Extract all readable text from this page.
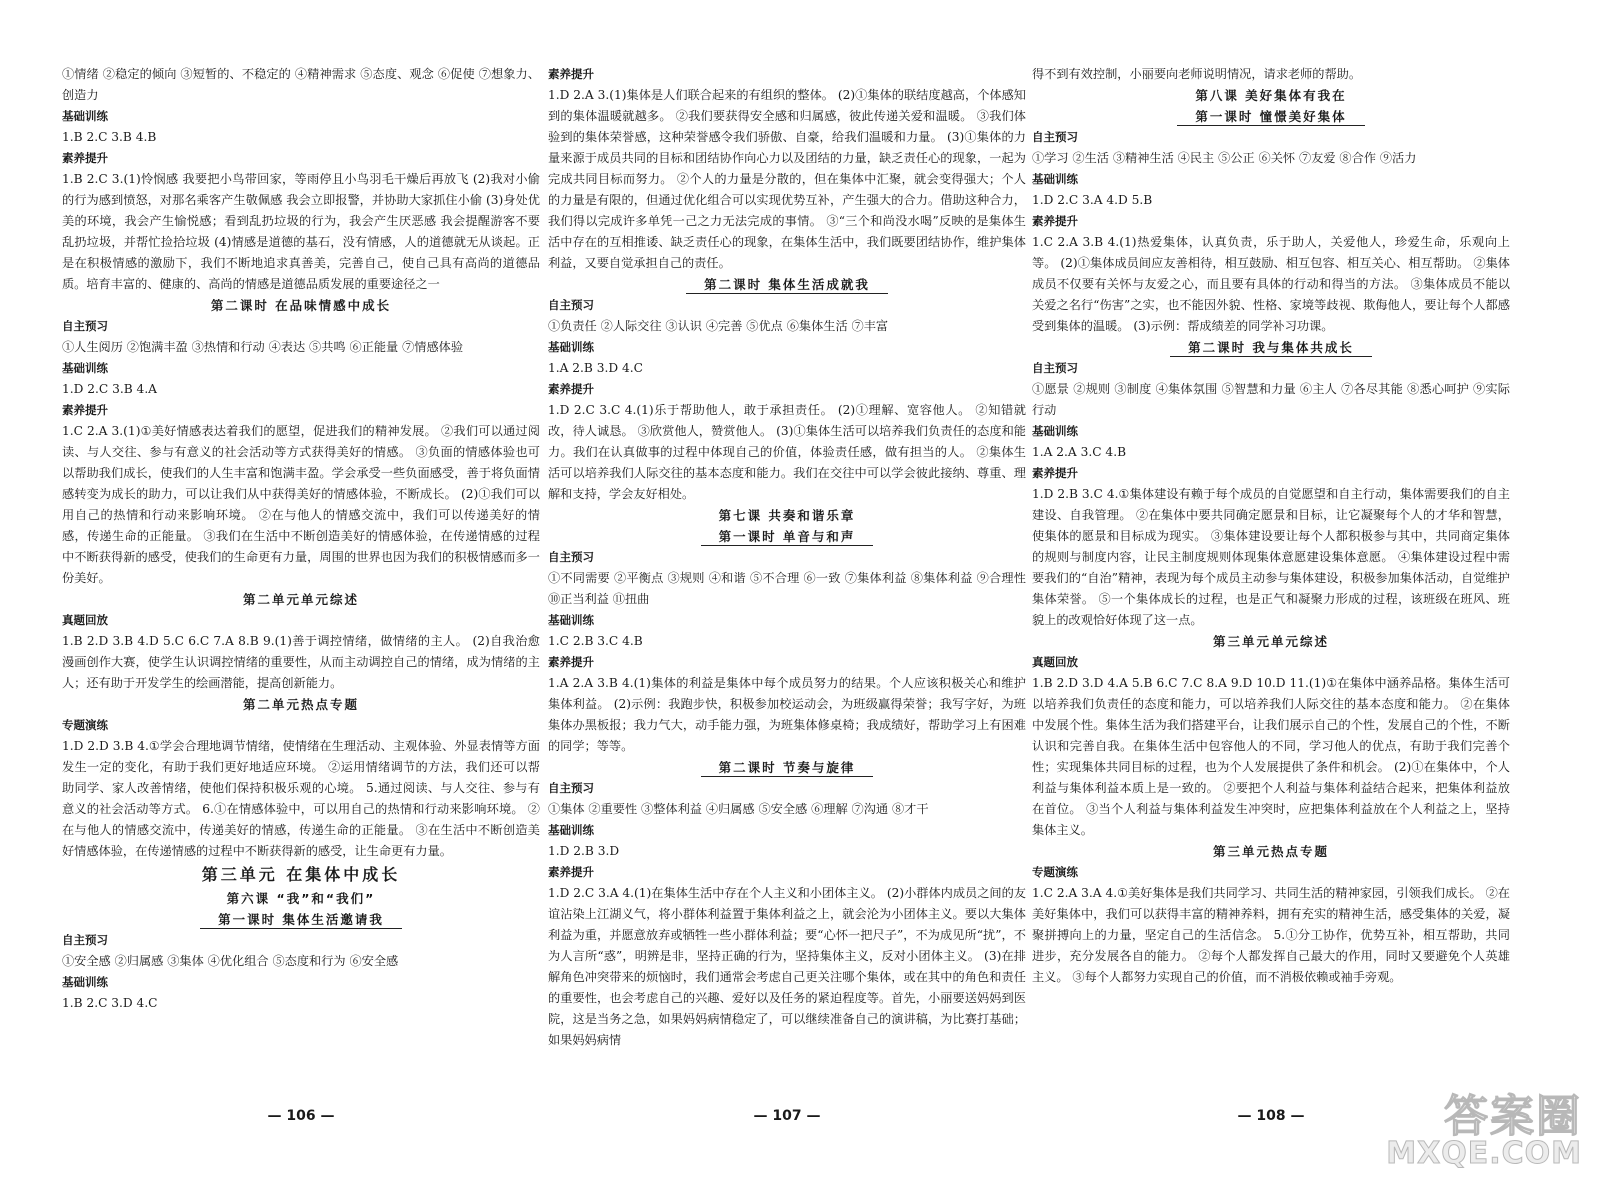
①情绪 ②稳定的倾向 ③短暂的、不稳定的 ④精神需求 ⑤态度、观念 ⑥促使 ⑦想象力、创造力
基础训练
1.B 2.C 3.B 4.B
素养提升
1.B 2.C 3.(1)怜悯感 我要把小鸟带回家，等雨停且小鸟羽毛干燥后再放飞 (2)我对小偷的行为感到愤怒，对那名乘客产生敬佩感 我会立即报警，并协助大家抓住小偷 (3)身处优美的环境，我会产生愉悦感；看到乱扔垃圾的行为，我会产生厌恶感 我会提醒游客不要乱扔垃圾，并帮忙捡拾垃圾 (4)情感是道德的基石，没有情感，人的道德就无从谈起。正是在积极情感的激励下，我们不断地追求真善美，完善自己，使自己具有高尚的道德品质。培育丰富的、健康的、高尚的情感是道德品质发展的重要途径之一
第二课时 在品味情感中成长
自主预习
①人生阅历 ②饱满丰盈 ③热情和行动 ④表达 ⑤共鸣 ⑥正能量 ⑦情感体验
基础训练
1.D 2.C 3.B 4.A
素养提升
1.C 2.A 3.(1)①美好情感表达着我们的愿望，促进我们的精神发展。 ②我们可以通过阅读、与人交往、参与有意义的社会活动等方式获得美好的情感。 ③负面的情感体验也可以帮助我们成长，使我们的人生丰富和饱满丰盈。学会承受一些负面感受，善于将负面情感转变为成长的助力，可以让我们从中获得美好的情感体验，不断成长。 (2)①我们可以用自己的热情和行动来影响环境。 ②在与他人的情感交流中，我们可以传递美好的情感，传递生命的正能量。 ③我们在生活中不断创造美好的情感体验，在传递情感的过程中不断获得新的感受，使我们的生命更有力量，周围的世界也因为我们的积极情感而多一份美好。
第二单元单元综述
真题回放
1.B 2.D 3.B 4.D 5.C 6.C 7.A 8.B 9.(1)善于调控情绪，做情绪的主人。 (2)自我治愈漫画创作大赛，使学生认识调控情绪的重要性，从而主动调控自己的情绪，成为情绪的主人；还有助于开发学生的绘画潜能，提高创新能力。
第二单元热点专题
专题演练
1.D 2.D 3.B 4.①学会合理地调节情绪，使情绪在生理活动、主观体验、外显表情等方面发生一定的变化，有助于我们更好地适应环境。 ②运用情绪调节的方法，我们还可以帮助同学、家人改善情绪，使他们保持积极乐观的心境。 5.通过阅读、与人交往、参与有意义的社会活动等方式。 6.①在情感体验中，可以用自己的热情和行动来影响环境。 ②在与他人的情感交流中，传递美好的情感，传递生命的正能量。 ③在生活中不断创造美好情感体验，在传递情感的过程中不断获得新的感受，让生命更有力量。
第三单元 在集体中成长
第六课 “我”和“我们”
第一课时 集体生活邀请我
自主预习
①安全感 ②归属感 ③集体 ④优化组合 ⑤态度和行为 ⑥安全感
基础训练
1.B 2.C 3.D 4.C
— 106 —
素养提升
1.D 2.A 3.(1)集体是人们联合起来的有组织的整体。 (2)①集体的联结度越高，个体感知到的集体温暖就越多。 ②我们要获得安全感和归属感，彼此传递关爱和温暖。 ③我们体验到的集体荣誉感，这种荣誉感令我们骄傲、自豪，给我们温暖和力量。 (3)①集体的力量来源于成员共同的目标和团结协作向心力以及团结的力量，缺乏责任心的现象，一起为完成共同目标而努力。 ②个人的力量是分散的，但在集体中汇聚，就会变得强大；个人的力量是有限的，但通过优化组合可以实现优势互补，产生强大的合力。借助这种合力，我们得以完成许多单凭一己之力无法完成的事情。 ③“三个和尚没水喝”反映的是集体生活中存在的互相推诿、缺乏责任心的现象，在集体生活中，我们既要团结协作，维护集体利益，又要自觉承担自己的责任。
第二课时 集体生活成就我
自主预习
①负责任 ②人际交往 ③认识 ④完善 ⑤优点 ⑥集体生活 ⑦丰富
基础训练
1.A 2.B 3.D 4.C
素养提升
1.D 2.C 3.C 4.(1)乐于帮助他人，敢于承担责任。 (2)①理解、宽容他人。 ②知错就改，待人诚恳。 ③欣赏他人，赞赏他人。 (3)①集体生活可以培养我们负责任的态度和能力。我们在认真做事的过程中体现自己的价值，体验责任感，做有担当的人。 ②集体生活可以培养我们人际交往的基本态度和能力。我们在交往中可以学会彼此接纳、尊重、理解和支持，学会友好相处。
第七课 共奏和谐乐章
第一课时 单音与和声
自主预习
①不同需要 ②平衡点 ③规则 ④和谐 ⑤不合理 ⑥一致 ⑦集体利益 ⑧集体利益 ⑨合理性 ⑩正当利益 ⑪扭曲
基础训练
1.C 2.B 3.C 4.B
素养提升
1.A 2.A 3.B 4.(1)集体的利益是集体中每个成员努力的结果。个人应该积极关心和维护集体利益。 (2)示例：我跑步快，积极参加校运动会，为班级赢得荣誉；我写字好，为班集体办黑板报；我力气大，动手能力强，为班集体修桌椅；我成绩好，帮助学习上有困难的同学；等等。
第二课时 节奏与旋律
自主预习
①集体 ②重要性 ③整体利益 ④归属感 ⑤安全感 ⑥理解 ⑦沟通 ⑧才干
基础训练
1.D 2.B 3.D
素养提升
1.D 2.C 3.A 4.(1)在集体生活中存在个人主义和小团体主义。 (2)小群体内成员之间的友谊沾染上江湖义气，将小群体利益置于集体利益之上，就会沦为小团体主义。要以大集体利益为重，并愿意放弃或牺牲一些小群体利益；要“心怀一把尺子”，不为成见所“扰”，不为人言所“惑”，明辨是非，坚持正确的行为，坚持集体主义，反对小团体主义。 (3)在排解角色冲突带来的烦恼时，我们通常会考虑自己更关注哪个集体，或在其中的角色和责任的重要性，也会考虑自己的兴趣、爱好以及任务的紧迫程度等。首先，小丽要送妈妈到医院，这是当务之急，如果妈妈病情稳定了，可以继续准备自己的演讲稿，为比赛打基础；如果妈妈病情
— 107 —
得不到有效控制，小丽要向老师说明情况，请求老师的帮助。
第八课 美好集体有我在
第一课时 憧憬美好集体
自主预习
①学习 ②生活 ③精神生活 ④民主 ⑤公正 ⑥关怀 ⑦友爱 ⑧合作 ⑨活力
基础训练
1.D 2.C 3.A 4.D 5.B
素养提升
1.C 2.A 3.B 4.(1)热爱集体，认真负责，乐于助人，关爱他人，珍爱生命，乐观向上等。 (2)①集体成员间应友善相待，相互鼓励、相互包容、相互关心、相互帮助。 ②集体成员不仅要有关怀与友爱之心，而且要有具体的行动和得当的方法。 ③集体成员不能以关爱之名行“伤害”之实，也不能因外貌、性格、家境等歧视、欺侮他人，要让每个人都感受到集体的温暖。 (3)示例：帮成绩差的同学补习功课。
第二课时 我与集体共成长
自主预习
①愿景 ②规则 ③制度 ④集体氛围 ⑤智慧和力量 ⑥主人 ⑦各尽其能 ⑧悉心呵护 ⑨实际行动
基础训练
1.A 2.A 3.C 4.B
素养提升
1.D 2.B 3.C 4.①集体建设有赖于每个成员的自觉愿望和自主行动，集体需要我们的自主建设、自我管理。 ②在集体中要共同确定愿景和目标，让它凝聚每个人的才华和智慧，使集体的愿景和目标成为现实。 ③集体建设要让每个人都积极参与其中，共同商定集体的规则与制度内容，让民主制度规则体现集体意愿建设集体意愿。 ④集体建设过程中需要我们的“自治”精神，表现为每个成员主动参与集体建设，积极参加集体活动，自觉维护集体荣誉。 ⑤一个集体成长的过程，也是正气和凝聚力形成的过程，该班级在班风、班貌上的改观恰好体现了这一点。
第三单元单元综述
真题回放
1.B 2.D 3.D 4.A 5.B 6.C 7.C 8.A 9.D 10.D 11.(1)①在集体中涵养品格。集体生活可以培养我们负责任的态度和能力，可以培养我们人际交往的基本态度和能力。 ②在集体中发展个性。集体生活为我们搭建平台，让我们展示自己的个性，发展自己的个性，不断认识和完善自我。在集体生活中包容他人的不同，学习他人的优点，有助于我们完善个性；实现集体共同目标的过程，也为个人发展提供了条件和机会。 (2)①在集体中，个人利益与集体利益本质上是一致的。 ②要把个人利益与集体利益结合起来，把集体利益放在首位。 ③当个人利益与集体利益发生冲突时，应把集体利益放在个人利益之上，坚持集体主义。
第三单元热点专题
专题演练
1.C 2.A 3.A 4.①美好集体是我们共同学习、共同生活的精神家园，引领我们成长。 ②在美好集体中，我们可以获得丰富的精神养料，拥有充实的精神生活，感受集体的关爱，凝聚拼搏向上的力量，坚定自己的生活信念。 5.①分工协作，优势互补，相互帮助，共同进步，充分发展各自的能力。 ②每个人都发挥自己最大的作用，同时又要避免个人英雄主义。 ③每个人都努力实现自己的价值，而不消极依赖或袖手旁观。
— 108 —	答案圈
MXQE.COM
